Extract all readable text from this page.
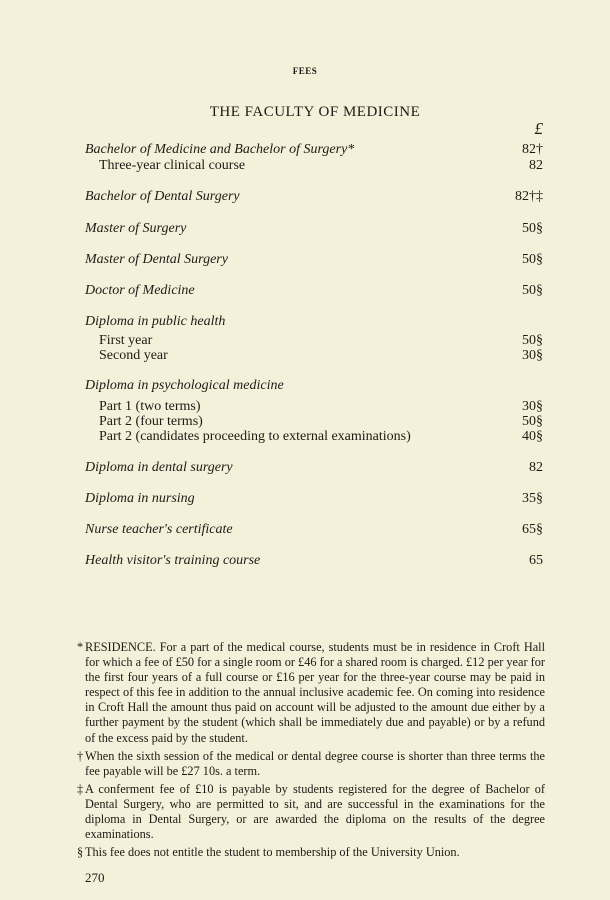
FEES
THE FACULTY OF MEDICINE
£
Bachelor of Medicine and Bachelor of Surgery*	82†
Three-year clinical course	82
Bachelor of Dental Surgery	82†‡
Master of Surgery	50§
Master of Dental Surgery	50§
Doctor of Medicine	50§
Diploma in public health
First year	50§
Second year	30§
Diploma in psychological medicine
Part 1 (two terms)	30§
Part 2 (four terms)	50§
Part 2 (candidates proceeding to external examinations)	40§
Diploma in dental surgery	82
Diploma in nursing	35§
Nurse teacher's certificate	65§
Health visitor's training course	65
* RESIDENCE. For a part of the medical course, students must be in residence in Croft Hall for which a fee of £50 for a single room or £46 for a shared room is charged. £12 per year for the first four years of a full course or £16 per year for the three-year course may be paid in respect of this fee in addition to the annual inclusive academic fee. On coming into residence in Croft Hall the amount thus paid on account will be adjusted to the amount due either by a further payment by the student (which shall be immediately due and payable) or by a refund of the excess paid by the student.
† When the sixth session of the medical or dental degree course is shorter than three terms the fee payable will be £27 10s. a term.
‡ A conferment fee of £10 is payable by students registered for the degree of Bachelor of Dental Surgery, who are permitted to sit, and are successful in the examinations for the diploma in Dental Surgery, or are awarded the diploma on the results of the degree examinations.
§ This fee does not entitle the student to membership of the University Union.
270
